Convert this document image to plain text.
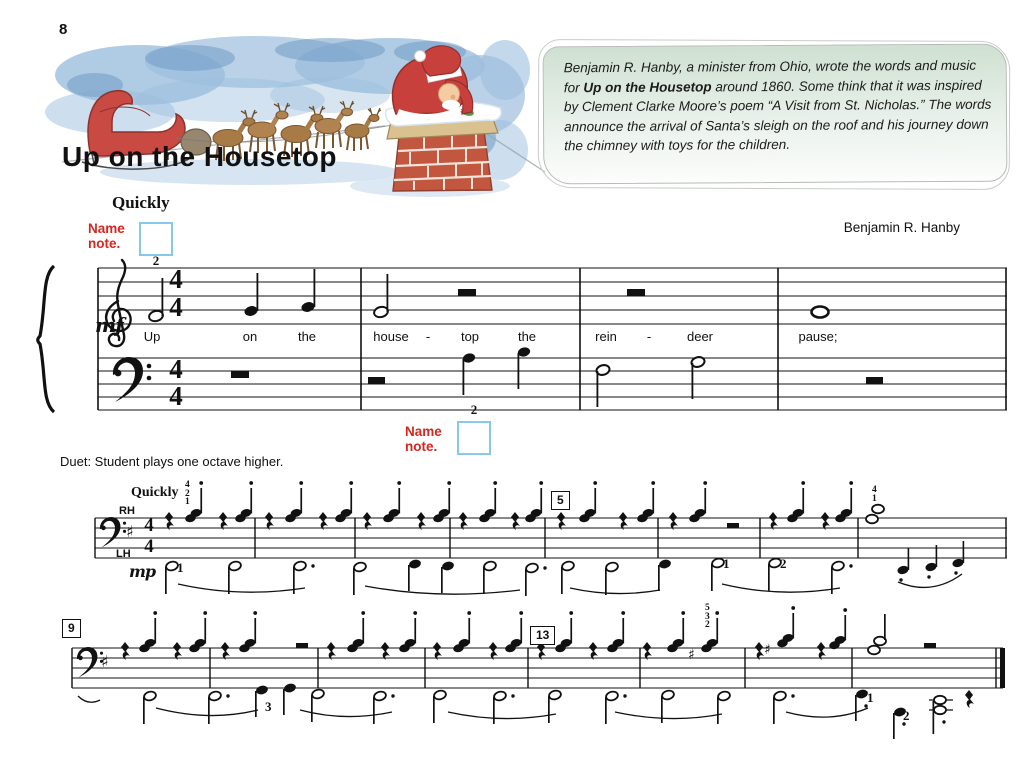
♯
♯	♯	♯
8
Up on the Housetop

Benjamin R. Hanby, a minister from Ohio, wrote the words and music for Up on the Housetop around 1860. Some think that it was inspired by Clement Clarke Moore’s poem “A Visit from St. Nicholas.” The words announce the arrival of Santa’s sleigh on the roof and his journey down the chimney with toys for the children.

Quickly
Benjamin R. Hanby
Name
note.
2
Name
note.
2
4
4
4
4
mf Up	on	the	house - top	the	rein -	deer	pause;
Duet: Student plays one octave higher.
Quickly
RH
LH
mp
4
4
4
2
1
4
1
5
3
2
1	1	2
3
1
2
5
9	13
